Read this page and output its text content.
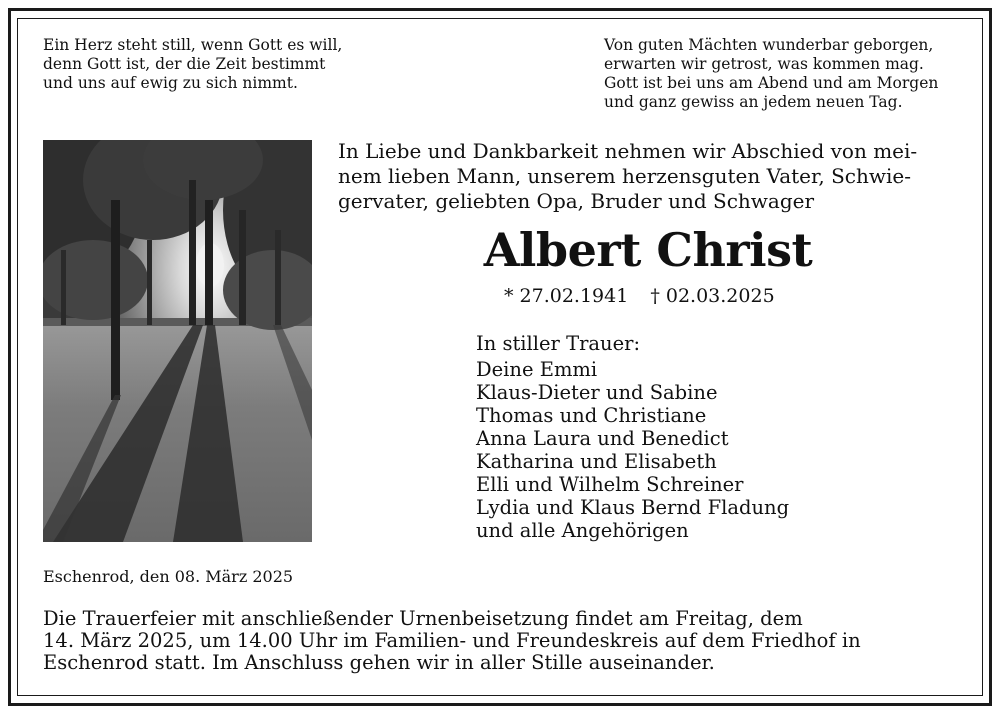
Ein Herz steht still, wenn Gott es will,
denn Gott ist, der die Zeit bestimmt
und uns auf ewig zu sich nimmt.
Von guten Mächten wunderbar geborgen,
erwarten wir getrost, was kommen mag.
Gott ist bei uns am Abend und am Morgen
und ganz gewiss an jedem neuen Tag.
In Liebe und Dankbarkeit nehmen wir Abschied von mei-
nem lieben Mann, unserem herzensguten Vater, Schwie-
gervater, geliebten Opa, Bruder und Schwager
Albert Christ
* 27.02.1941 † 02.03.2025
In stiller Trauer:
Deine Emmi
Klaus-Dieter und Sabine
Thomas und Christiane
Anna Laura und Benedict
Katharina und Elisabeth
Elli und Wilhelm Schreiner
Lydia und Klaus Bernd Fladung
und alle Angehörigen
Eschenrod, den 08. März 2025
Die Trauerfeier mit anschließender Urnenbeisetzung findet am Freitag, dem
14. März 2025, um 14.00 Uhr im Familien- und Freundeskreis auf dem Friedhof in
Eschenrod statt. Im Anschluss gehen wir in aller Stille auseinander.
